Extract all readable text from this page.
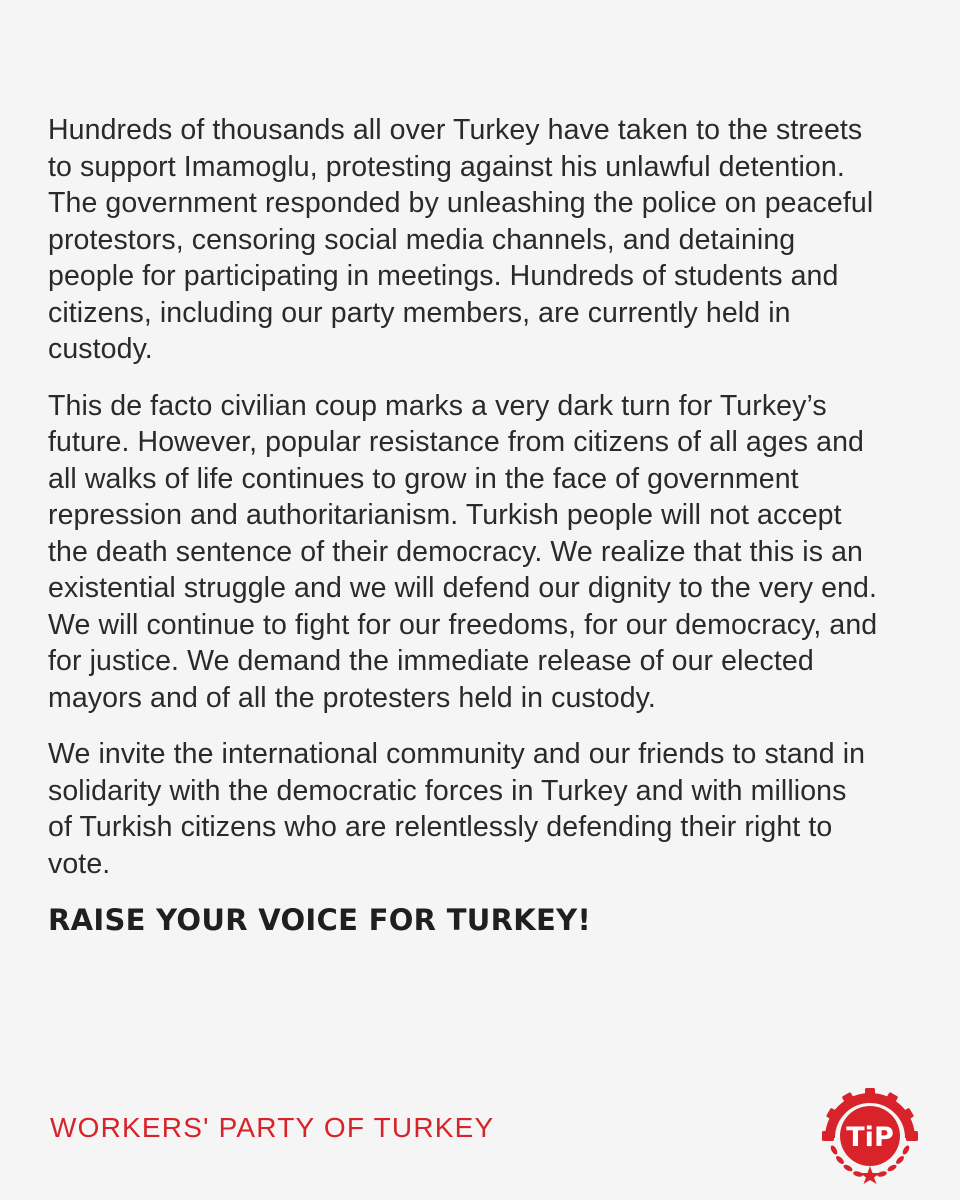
Hundreds of thousands all over Turkey have taken to the streets to support Imamoglu, protesting against his unlawful detention. The government responded by unleashing the police on peaceful protestors, censoring social media channels, and detaining people for participating in meetings. Hundreds of students and citizens, including our party members, are currently held in custody.

This de facto civilian coup marks a very dark turn for Turkey’s future. However, popular resistance from citizens of all ages and all walks of life continues to grow in the face of government repression and authoritarianism. Turkish people will not accept the death sentence of their democracy. We realize that this is an existential struggle and we will defend our dignity to the very end. We will continue to fight for our freedoms, for our democracy, and for justice. We demand the immediate release of our elected mayors and of all the protesters held in custody.

We invite the international community and our friends to stand in solidarity with the democratic forces in Turkey and with millions of Turkish citizens who are relentlessly defending their right to vote.

RAISE YOUR VOICE FOR TURKEY!
WORKERS' PARTY OF TURKEY	TiP
